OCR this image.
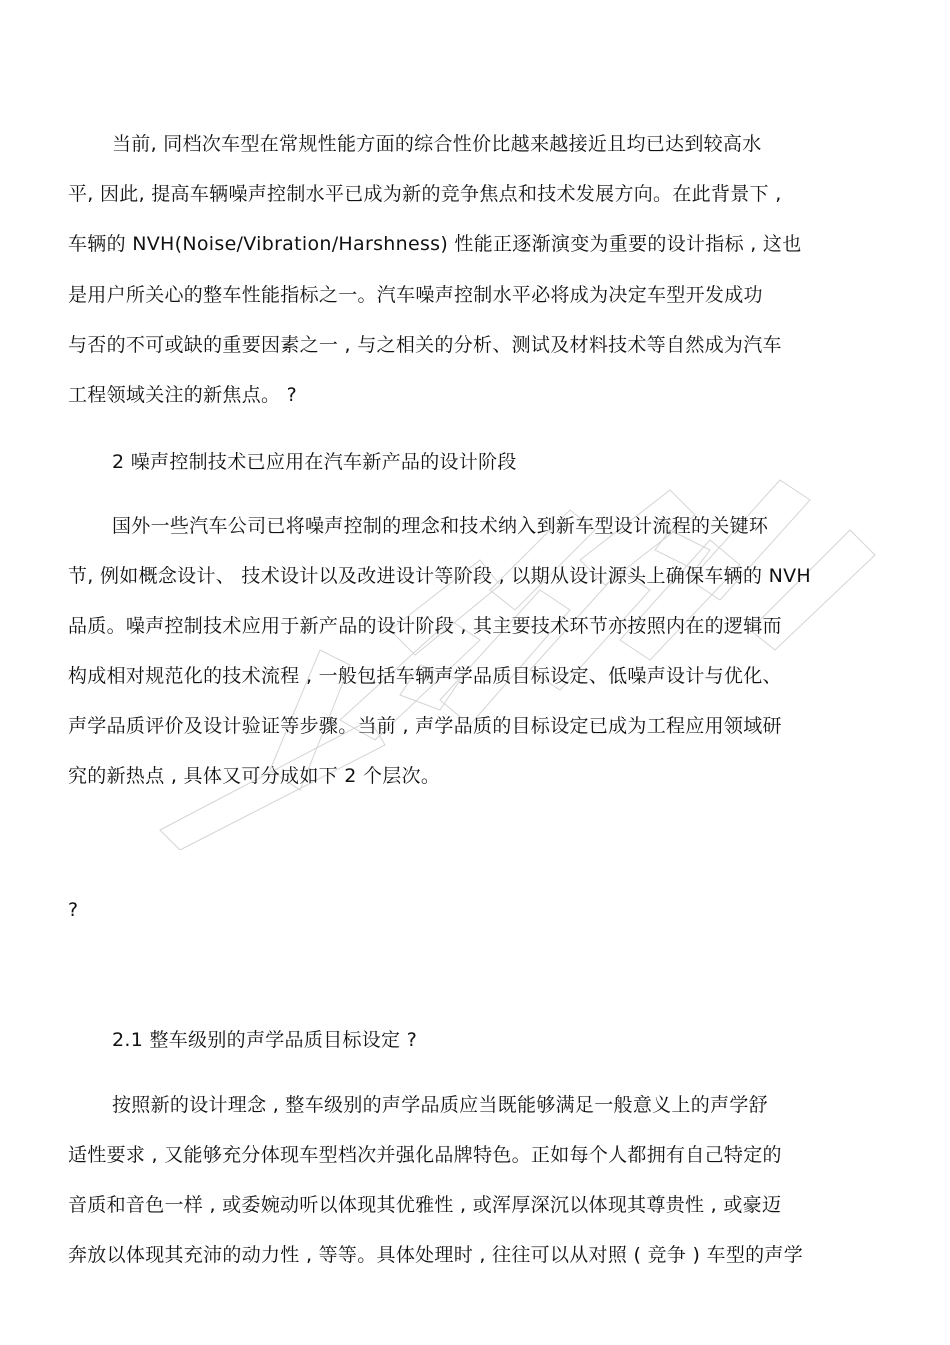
当前, 同档次车型在常规性能方面的综合性价比越来越接近且均已达到较高水
平, 因此, 提高车辆噪声控制水平已成为新的竞争焦点和技术发展方向。在此背景下 ,
车辆的 NVH(Noise/Vibration/Harshness) 性能正逐渐演变为重要的设计指标 , 这也
是用户所关心的整车性能指标之一。汽车噪声控制水平必将成为决定车型开发成功
与否的不可或缺的重要因素之一 , 与之相关的分析、测试及材料技术等自然成为汽车
工程领域关注的新焦点。 ?
2 噪声控制技术已应用在汽车新产品的设计阶段
国外一些汽车公司已将噪声控制的理念和技术纳入到新车型设计流程的关键环
节, 例如概念设计、 技术设计以及改进设计等阶段 , 以期从设计源头上确保车辆的 NVH
品质。噪声控制技术应用于新产品的设计阶段 , 其主要技术环节亦按照内在的逻辑而
构成相对规范化的技术流程 , 一般包括车辆声学品质目标设定、低噪声设计与优化、
声学品质评价及设计验证等步骤。当前 , 声学品质的目标设定已成为工程应用领域研
究的新热点 , 具体又可分成如下 2 个层次。
?
2.1 整车级别的声学品质目标设定 ?
按照新的设计理念 , 整车级别的声学品质应当既能够满足一般意义上的声学舒
适性要求 , 又能够充分体现车型档次并强化品牌特色。正如每个人都拥有自己特定的
音质和音色一样 , 或委婉动听以体现其优雅性 , 或浑厚深沉以体现其尊贵性 , 或豪迈
奔放以体现其充沛的动力性 , 等等。具体处理时 , 往往可以从对照 ( 竞争 ) 车型的声学
